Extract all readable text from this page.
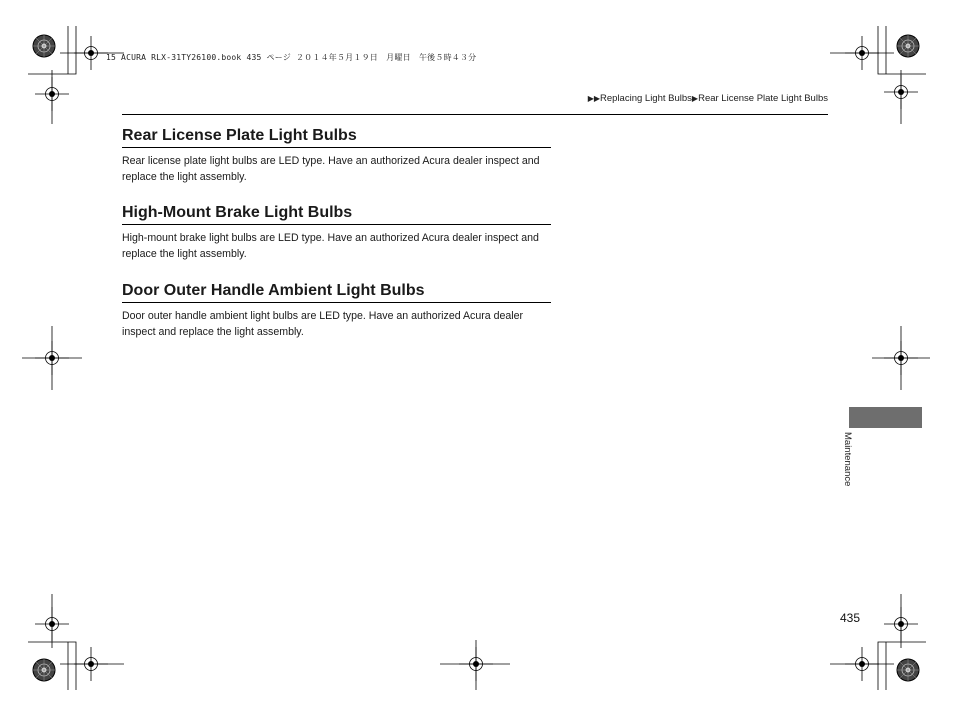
15 ACURA RLX-31TY26100.book 435 ページ ２０１４年５月１９日　月曜日　午後５時４３分
▶▶Replacing Light Bulbs▶Rear License Plate Light Bulbs
Rear License Plate Light Bulbs

Rear license plate light bulbs are LED type. Have an authorized Acura dealer inspect and replace the light assembly.

High-Mount Brake Light Bulbs

High-mount brake light bulbs are LED type. Have an authorized Acura dealer inspect and replace the light assembly.

Door Outer Handle Ambient Light Bulbs

Door outer handle ambient light bulbs are LED type. Have an authorized Acura dealer inspect and replace the light assembly.

Maintenance
435
